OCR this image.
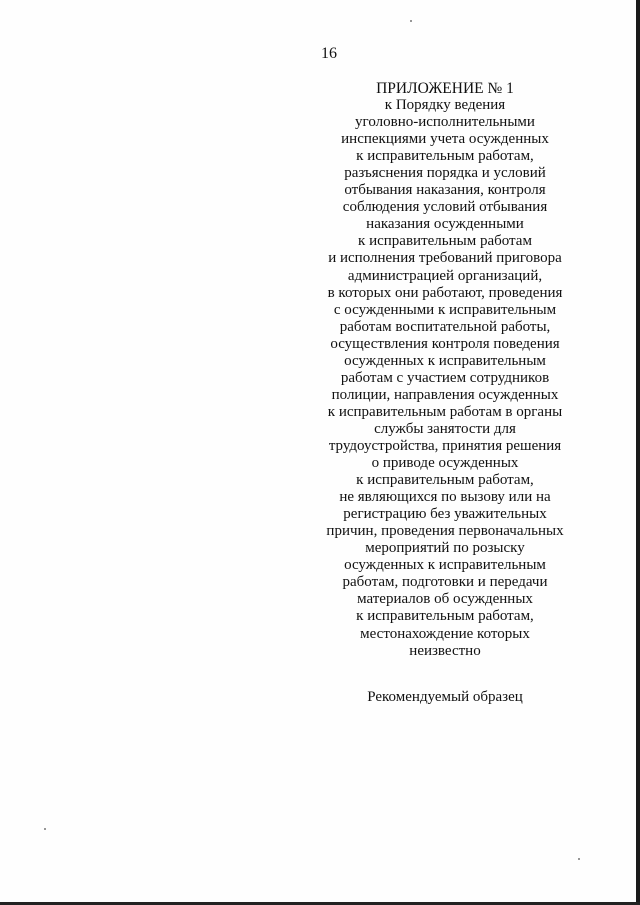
16
ПРИЛОЖЕНИЕ № 1
к Порядку ведения
уголовно-исполнительными
инспекциями учета осужденных
к исправительным работам,
разъяснения порядка и условий
отбывания наказания, контроля
соблюдения условий отбывания
наказания осужденными
к исправительным работам
и исполнения требований приговора
администрацией организаций,
в которых они работают, проведения
с осужденными к исправительным
работам воспитательной работы,
осуществления контроля поведения
осужденных к исправительным
работам с участием сотрудников
полиции, направления осужденных
к исправительным работам в органы
службы занятости для
трудоустройства, принятия решения
о приводе осужденных
к исправительным работам,
не являющихся по вызову или на
регистрацию без уважительных
причин, проведения первоначальных
мероприятий по розыску
осужденных к исправительным
работам, подготовки и передачи
материалов об осужденных
к исправительным работам,
местонахождение которых
неизвестно
Рекомендуемый образец
